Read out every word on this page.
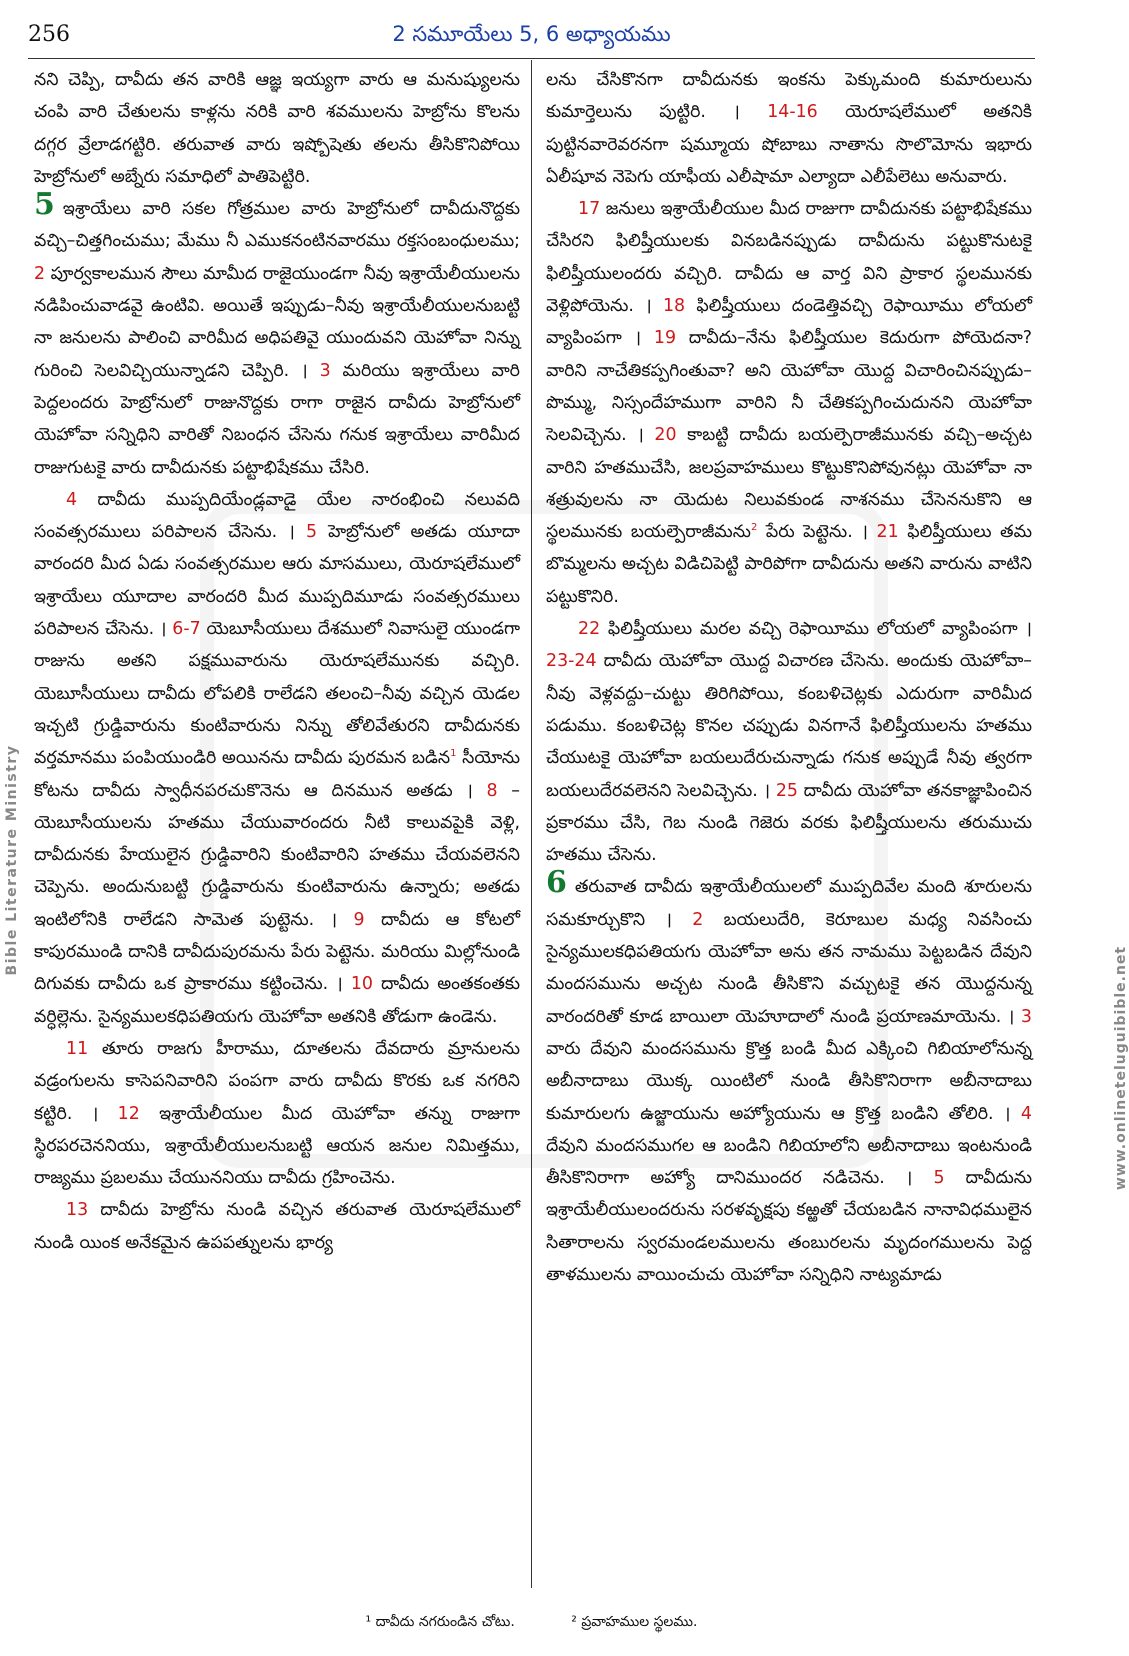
256	2 సమూయేలు 5, 6 అధ్యాయము

నని చెప్పి, దావీదు తన వారికి ఆజ్ఞ ఇయ్యగా వారు ఆ మనుష్యులను చంపి వారి చేతులను కాళ్లను నరికి వారి శవములను హెబ్రోను కొలను దగ్గర వ్రేలాడగట్టిరి. తరువాత వారు ఇష్బోషెతు తలను తీసికొనిపోయి హెబ్రోనులో అబ్నేరు సమాధిలో పాతిపెట్టిరి.

5 ఇశ్రాయేలు వారి సకల గోత్రముల వారు హెబ్రోనులో దావీదునొద్దకు వచ్చి–చిత్తగించుము; మేము నీ ఎముకనంటినవారము రక్తసంబంధులము; 2 పూర్వకాలమున సౌలు మామీద రాజైయుండగా నీవు ఇశ్రాయేలీయులను నడిపించువాడవై ఉంటివి. అయితే ఇప్పుడు–నీవు ఇశ్రాయేలీయులనుబట్టి నా జనులను పాలించి వారిమీద అధిపతివై యుందువని యెహోవా నిన్ను గురించి సెలవిచ్చియున్నాడని చెప్పిరి. । 3 మరియు ఇశ్రాయేలు వారి పెద్దలందరు హెబ్రోనులో రాజునొద్దకు రాగా రాజైన దావీదు హెబ్రోనులో యెహోవా సన్నిధిని వారితో నిబంధన చేసెను గనుక ఇశ్రాయేలు వారిమీద రాజుగుటకై వారు దావీదునకు పట్టాభిషేకము చేసిరి.

4 దావీదు ముప్పదియేండ్లవాడై యేల నారంభించి నలువది సంవత్సరములు పరిపాలన చేసెను. । 5 హెబ్రోనులో అతడు యూదా వారందరి మీద ఏడు సంవత్సరముల ఆరు మాసములు, యెరూషలేములో ఇశ్రాయేలు యూదాల వారందరి మీద ముప్పదిమూడు సంవత్సరములు పరిపాలన చేసెను. । 6-7 యెబూసీయులు దేశములో నివాసులై యుండగా రాజును అతని పక్షమువారును యెరూషలేమునకు వచ్చిరి. యెబూసీయులు దావీదు లోపలికి రాలేడని తలంచి–నీవు వచ్చిన యెడల ఇచ్చటి గ్రుడ్డివారును కుంటివారును నిన్ను తోలివేతురని దావీదునకు వర్తమానము పంపియుండిరి అయినను దావీదు పురమన బడిన$^1$ సీయోను కోటను దావీదు స్వాధీనపరచుకొనెను ఆ దినమున అతడు । 8 –యెబూసీయులను హతము చేయువారందరు నీటి కాలువపైకి వెళ్లి, దావీదునకు హేయులైన గ్రుడ్డివారిని కుంటివారిని హతము చేయవలెనని చెప్పెను. అందునుబట్టి గ్రుడ్డివారును కుంటివారును ఉన్నారు; అతడు ఇంటిలోనికి రాలేడని సామెత పుట్టెను. । 9 దావీదు ఆ కోటలో కాపురముండి దానికి దావీదుపురమను పేరు పెట్టెను. మరియు మిల్లోనుండి దిగువకు దావీదు ఒక ప్రాకారము కట్టించెను. । 10 దావీదు అంతకంతకు వర్ధిల్లెను. సైన్యములకధిపతియగు యెహోవా అతనికి తోడుగా ఉండెను.

11 తూరు రాజగు హీరాము, దూతలను దేవదారు మ్రానులను వడ్రంగులను కాసెపనివారిని పంపగా వారు దావీదు కొరకు ఒక నగరిని కట్టిరి. । 12 ఇశ్రాయేలీయుల మీద యెహోవా తన్ను రాజుగా స్థిరపరచెననియు, ఇశ్రాయేలీయులనుబట్టి ఆయన జనుల నిమిత్తము, రాజ్యము ప్రబలము చేయుననియు దావీదు గ్రహించెను.

13 దావీదు హెబ్రోను నుండి వచ్చిన తరువాత యెరూషలేములో నుండి యింక అనేకమైన ఉపపత్నులను భార్య

లను చేసికొనగా దావీదునకు ఇంకను పెక్కుమంది కుమారులును కుమార్తెలును పుట్టిరి. । 14-16 యెరూషలేములో అతనికి పుట్టినవారెవరనగా షమ్మూయ షోబాబు నాతాను సొలొమోను ఇభారు ఏలీషూవ నెపెగు యాఫీయ ఎలీషామా ఎల్యాదా ఎలీపేలెటు అనువారు.

17 జనులు ఇశ్రాయేలీయుల మీద రాజుగా దావీదునకు పట్టాభిషేకము చేసిరని ఫిలిష్తీయులకు వినబడినప్పుడు దావీదును పట్టుకొనుటకై ఫిలిష్తీయులందరు వచ్చిరి. దావీదు ఆ వార్త విని ప్రాకార స్థలమునకు వెళ్లిపోయెను. । 18 ఫిలిష్తీయులు దండెత్తివచ్చి రెఫాయీము లోయలో వ్యాపింపగా । 19 దావీదు–నేను ఫిలిష్తీయుల కెదురుగా పోయెదనా? వారిని నాచేతికప్పగింతువా? అని యెహోవా యొద్ద విచారించినప్పుడు–పొమ్ము, నిస్సందేహముగా వారిని నీ చేతికప్పగించుదునని యెహోవా సెలవిచ్చెను. । 20 కాబట్టి దావీదు బయల్పెరాజీమునకు వచ్చి–అచ్చట వారిని హతముచేసి, జలప్రవాహములు కొట్టుకొనిపోవునట్లు యెహోవా నా శత్రువులను నా యెదుట నిలువకుండ నాశనము చేసెననుకొని ఆ స్థలమునకు బయల్పెరాజీమను$^2$ పేరు పెట్టెను. । 21 ఫిలిష్తీయులు తమ బొమ్మలను అచ్చట విడిచిపెట్టి పారిపోగా దావీదును అతని వారును వాటిని పట్టుకొనిరి.

22 ఫిలిష్తీయులు మరల వచ్చి రెఫాయీము లోయలో వ్యాపింపగా । 23-24 దావీదు యెహోవా యొద్ద విచారణ చేసెను. అందుకు యెహోవా–నీవు వెళ్లవద్దు–చుట్టు తిరిగిపోయి, కంబళిచెట్లకు ఎదురుగా వారిమీద పడుము. కంబళిచెట్ల కొనల చప్పుడు వినగానే ఫిలిష్తీయులను హతము చేయుటకై యెహోవా బయలుదేరుచున్నాడు గనుక అప్పుడే నీవు త్వరగా బయలుదేరవలెనని సెలవిచ్చెను. । 25 దావీదు యెహోవా తనకాజ్ఞాపించిన ప్రకారము చేసి, గెబ నుండి గెజెరు వరకు ఫిలిష్తీయులను తరుముచు హతము చేసెను.

6 తరువాత దావీదు ఇశ్రాయేలీయులలో ముప్పదివేల మంది శూరులను సమకూర్చుకొని । 2 బయలుదేరి, కెరూబుల మధ్య నివసించు సైన్యములకధిపతియగు యెహోవా అను తన నామము పెట్టబడిన దేవుని మందసమును అచ్చట నుండి తీసికొని వచ్చుటకై తన యొద్దనున్న వారందరితో కూడ బాయిలా యెహూదాలో నుండి ప్రయాణమాయెను. । 3 వారు దేవుని మందసమును క్రొత్త బండి మీద ఎక్కించి గిబియాలోనున్న అబీనాదాబు యొక్క యింటిలో నుండి తీసికొనిరాగా అబీనాదాబు కుమారులగు ఉజ్జాయును అహ్యోయును ఆ క్రొత్త బండిని తోలిరి. । 4 దేవుని మందసముగల ఆ బండిని గిబియాలోని అబీనాదాబు ఇంటనుండి తీసికొనిరాగా అహ్యో దానిముందర నడిచెను. । 5 దావీదును ఇశ్రాయేలీయులందరును సరళవృక్షపు కఱ్ఱతో చేయబడిన నానావిధములైన సితారాలను స్వరమండలములను తంబురలను మృదంగములను పెద్ద తాళములను వాయించుచు యెహోవా సన్నిధిని నాట్యమాడు

¹ దావీదు నగరుండిన చోటు.	² ప్రవాహముల స్థలము.
Bible Literature Ministry
www.onlineteluguibible.net
